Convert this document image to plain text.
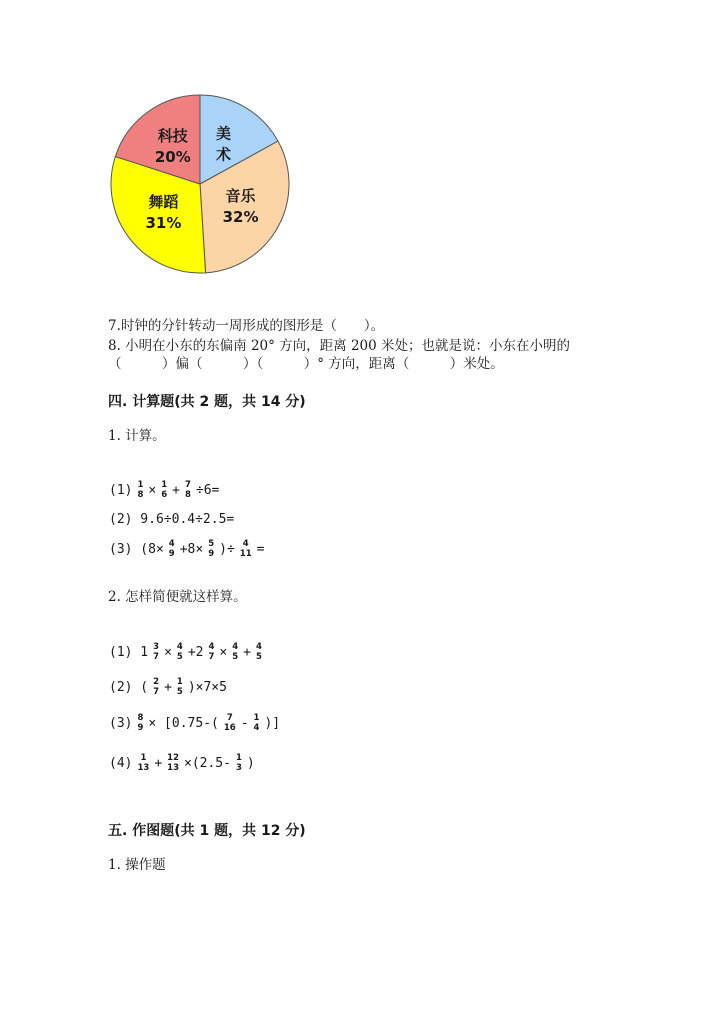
美
术
音乐
32%
舞蹈
31%
科技
20%
7.时钟的分针转动一周形成的图形是（　　）。
8. 小明在小东的东偏南 20° 方向，距离 200 米处；也就是说：小东在小明的
（　　　）偏（　　　）（　　　）° 方向，距离（　　　）米处。
四. 计算题(共 2 题，共 14 分)
1. 计算。
(1) 1
8 × 1
6 + 7
8 ÷6=
(2) 9.6÷0.4÷2.5=
(3) (8× 4
9 +8× 5
9 )÷ 4
11 =
2. 怎样简便就这样算。
(1) 1 3
7 × 4
5 +2 4
7 × 4
5 + 4
5
(2) ( 2
7 + 1
5 )×7×5
(3) 8
9 × [0.75-( 7
16 - 1
4 )]
(4) 1
13 + 12
13 ×(2.5- 1
3 )
五. 作图题(共 1 题，共 12 分)
1. 操作题
